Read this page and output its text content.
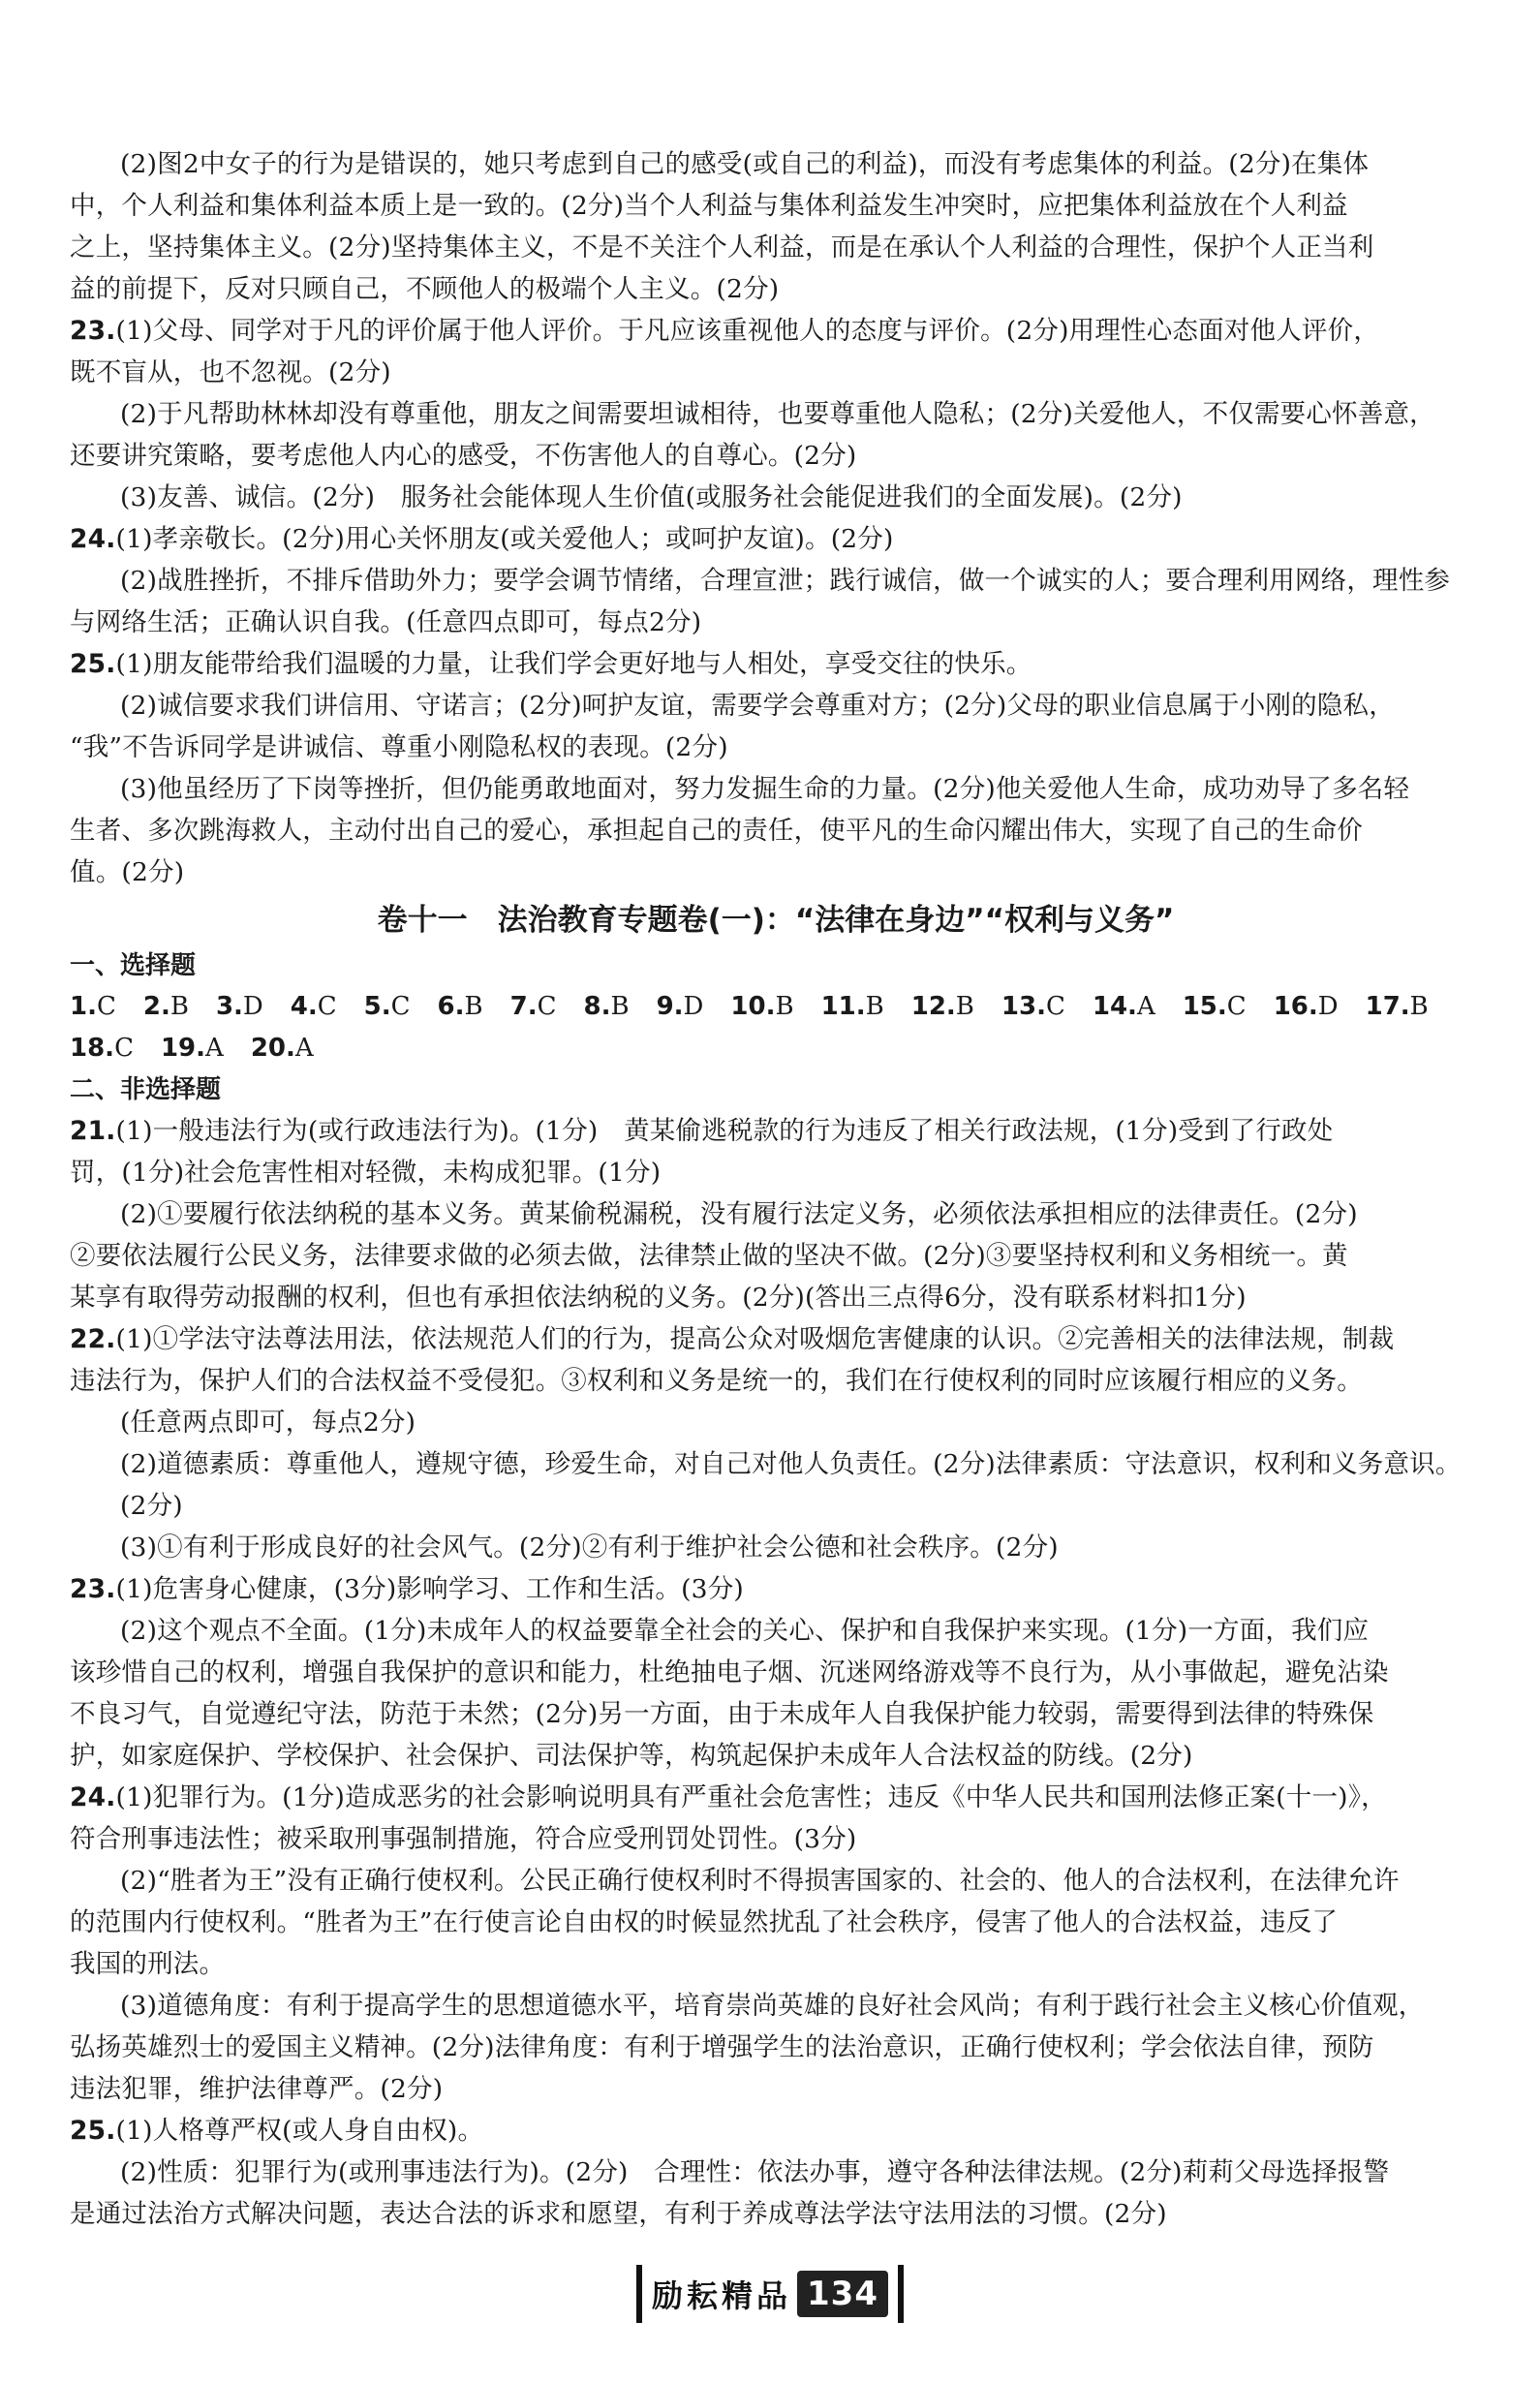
(2)图2中女子的行为是错误的，她只考虑到自己的感受(或自己的利益)，而没有考虑集体的利益。(2分)在集体

中，个人利益和集体利益本质上是一致的。(2分)当个人利益与集体利益发生冲突时，应把集体利益放在个人利益

之上，坚持集体主义。(2分)坚持集体主义，不是不关注个人利益，而是在承认个人利益的合理性，保护个人正当利

益的前提下，反对只顾自己，不顾他人的极端个人主义。(2分)

23.(1)父母、同学对于凡的评价属于他人评价。于凡应该重视他人的态度与评价。(2分)用理性心态面对他人评价，

既不盲从，也不忽视。(2分)

(2)于凡帮助林林却没有尊重他，朋友之间需要坦诚相待，也要尊重他人隐私；(2分)关爱他人，不仅需要心怀善意，

还要讲究策略，要考虑他人内心的感受，不伤害他人的自尊心。(2分)

(3)友善、诚信。(2分)　服务社会能体现人生价值(或服务社会能促进我们的全面发展)。(2分)

24.(1)孝亲敬长。(2分)用心关怀朋友(或关爱他人；或呵护友谊)。(2分)

(2)战胜挫折，不排斥借助外力；要学会调节情绪，合理宣泄；践行诚信，做一个诚实的人；要合理利用网络，理性参

与网络生活；正确认识自我。(任意四点即可，每点2分)

25.(1)朋友能带给我们温暖的力量，让我们学会更好地与人相处，享受交往的快乐。

(2)诚信要求我们讲信用、守诺言；(2分)呵护友谊，需要学会尊重对方；(2分)父母的职业信息属于小刚的隐私，

“我”不告诉同学是讲诚信、尊重小刚隐私权的表现。(2分)

(3)他虽经历了下岗等挫折，但仍能勇敢地面对，努力发掘生命的力量。(2分)他关爱他人生命，成功劝导了多名轻

生者、多次跳海救人，主动付出自己的爱心，承担起自己的责任，使平凡的生命闪耀出伟大，实现了自己的生命价

值。(2分)

卷十一　法治教育专题卷(一)：“法律在身边”“权利与义务”

一、选择题

1.C 2.B 3.D 4.C 5.C 6.B 7.C 8.B 9.D 10.B 11.B 12.B 13.C 14.A 15.C 16.D 17.B

18.C 19.A 20.A

二、非选择题

21.(1)一般违法行为(或行政违法行为)。(1分)　黄某偷逃税款的行为违反了相关行政法规，(1分)受到了行政处

罚，(1分)社会危害性相对轻微，未构成犯罪。(1分)

(2)①要履行依法纳税的基本义务。黄某偷税漏税，没有履行法定义务，必须依法承担相应的法律责任。(2分)

②要依法履行公民义务，法律要求做的必须去做，法律禁止做的坚决不做。(2分)③要坚持权利和义务相统一。黄

某享有取得劳动报酬的权利，但也有承担依法纳税的义务。(2分)(答出三点得6分，没有联系材料扣1分)

22.(1)①学法守法尊法用法，依法规范人们的行为，提高公众对吸烟危害健康的认识。②完善相关的法律法规，制裁

违法行为，保护人们的合法权益不受侵犯。③权利和义务是统一的，我们在行使权利的同时应该履行相应的义务。

(任意两点即可，每点2分)

(2)道德素质：尊重他人，遵规守德，珍爱生命，对自己对他人负责任。(2分)法律素质：守法意识，权利和义务意识。

(2分)

(3)①有利于形成良好的社会风气。(2分)②有利于维护社会公德和社会秩序。(2分)

23.(1)危害身心健康，(3分)影响学习、工作和生活。(3分)

(2)这个观点不全面。(1分)未成年人的权益要靠全社会的关心、保护和自我保护来实现。(1分)一方面，我们应

该珍惜自己的权利，增强自我保护的意识和能力，杜绝抽电子烟、沉迷网络游戏等不良行为，从小事做起，避免沾染

不良习气，自觉遵纪守法，防范于未然；(2分)另一方面，由于未成年人自我保护能力较弱，需要得到法律的特殊保

护，如家庭保护、学校保护、社会保护、司法保护等，构筑起保护未成年人合法权益的防线。(2分)

24.(1)犯罪行为。(1分)造成恶劣的社会影响说明具有严重社会危害性；违反《中华人民共和国刑法修正案(十一)》，

符合刑事违法性；被采取刑事强制措施，符合应受刑罚处罚性。(3分)

(2)“胜者为王”没有正确行使权利。公民正确行使权利时不得损害国家的、社会的、他人的合法权利，在法律允许

的范围内行使权利。“胜者为王”在行使言论自由权的时候显然扰乱了社会秩序，侵害了他人的合法权益，违反了

我国的刑法。

(3)道德角度：有利于提高学生的思想道德水平，培育崇尚英雄的良好社会风尚；有利于践行社会主义核心价值观，

弘扬英雄烈士的爱国主义精神。(2分)法律角度：有利于增强学生的法治意识，正确行使权利；学会依法自律，预防

违法犯罪，维护法律尊严。(2分)

25.(1)人格尊严权(或人身自由权)。

(2)性质：犯罪行为(或刑事违法行为)。(2分)　合理性：依法办事，遵守各种法律法规。(2分)莉莉父母选择报警

是通过法治方式解决问题，表达合法的诉求和愿望，有利于养成尊法学法守法用法的习惯。(2分)

励耘精品 134
